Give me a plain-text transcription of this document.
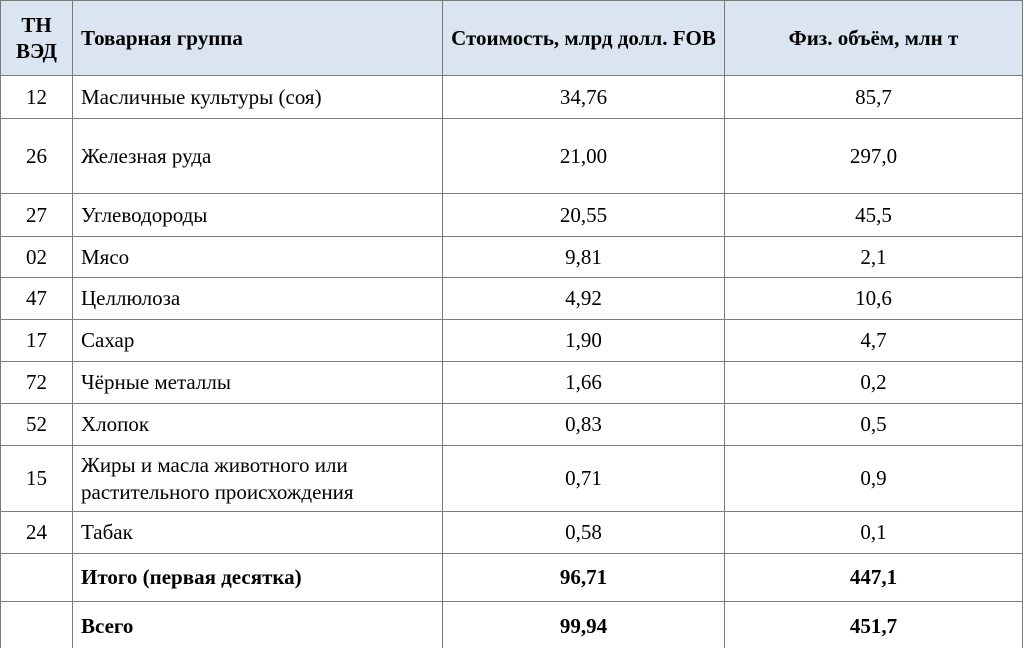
ТН ВЭД	Товарная группа	Стоимость, млрд долл. FOB	Физ. объём, млн т
12	Масличные культуры (соя)	34,76	85,7
26	Железная руда	21,00	297,0
27	Углеводороды	20,55	45,5
02	Мясо	9,81	2,1
47	Целлюлоза	4,92	10,6
17	Сахар	1,90	4,7
72	Чёрные металлы	1,66	0,2
52	Хлопок	0,83	0,5
15	Жиры и масла животного или растительного происхождения	0,71	0,9
24	Табак	0,58	0,1
	Итого (первая десятка)	96,71	447,1
	Всего	99,94	451,7
